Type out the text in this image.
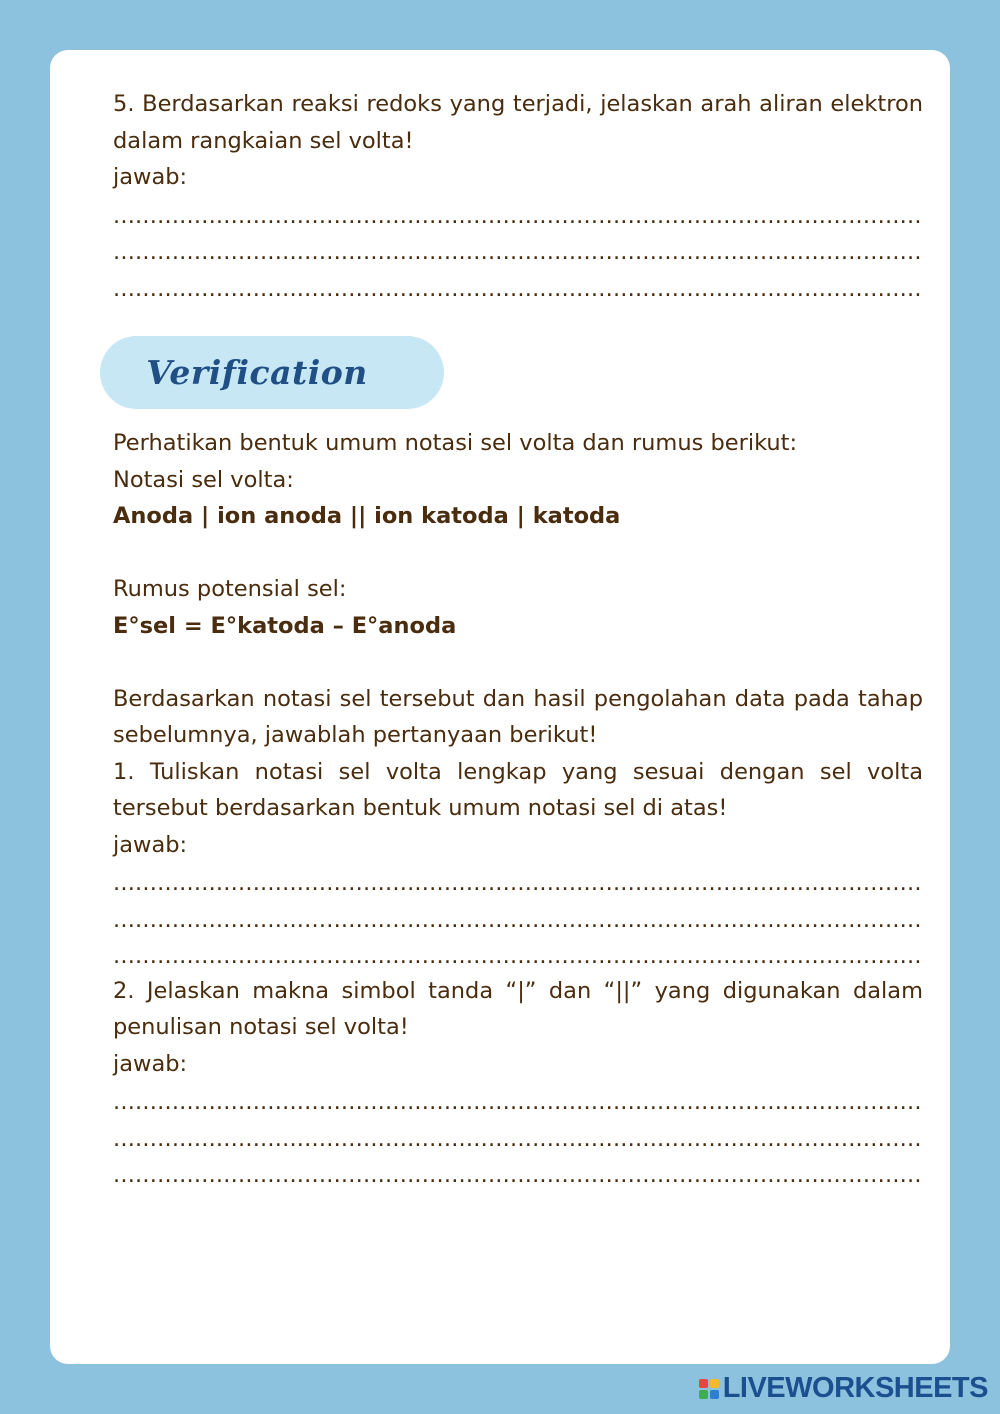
5. Berdasarkan reaksi redoks yang terjadi, jelaskan arah aliran elektron dalam rangkaian sel volta!

jawab:

.....
.....
.....

Perhatikan bentuk umum notasi sel volta dan rumus berikut:

Notasi sel volta:

Anoda | ion anoda || ion katoda | katoda

Rumus potensial sel:

E°sel = E°katoda – E°anoda

Berdasarkan notasi sel tersebut dan hasil pengolahan data pada tahap sebelumnya, jawablah pertanyaan berikut!

1. Tuliskan notasi sel volta lengkap yang sesuai dengan sel volta tersebut berdasarkan bentuk umum notasi sel di atas!

jawab:

.....
.....
.....

2. Jelaskan makna simbol tanda “|” dan “||” yang digunakan dalam penulisan notasi sel volta!

jawab:

.....
.....
.....
Verification
LIVEWORKSHEETS
